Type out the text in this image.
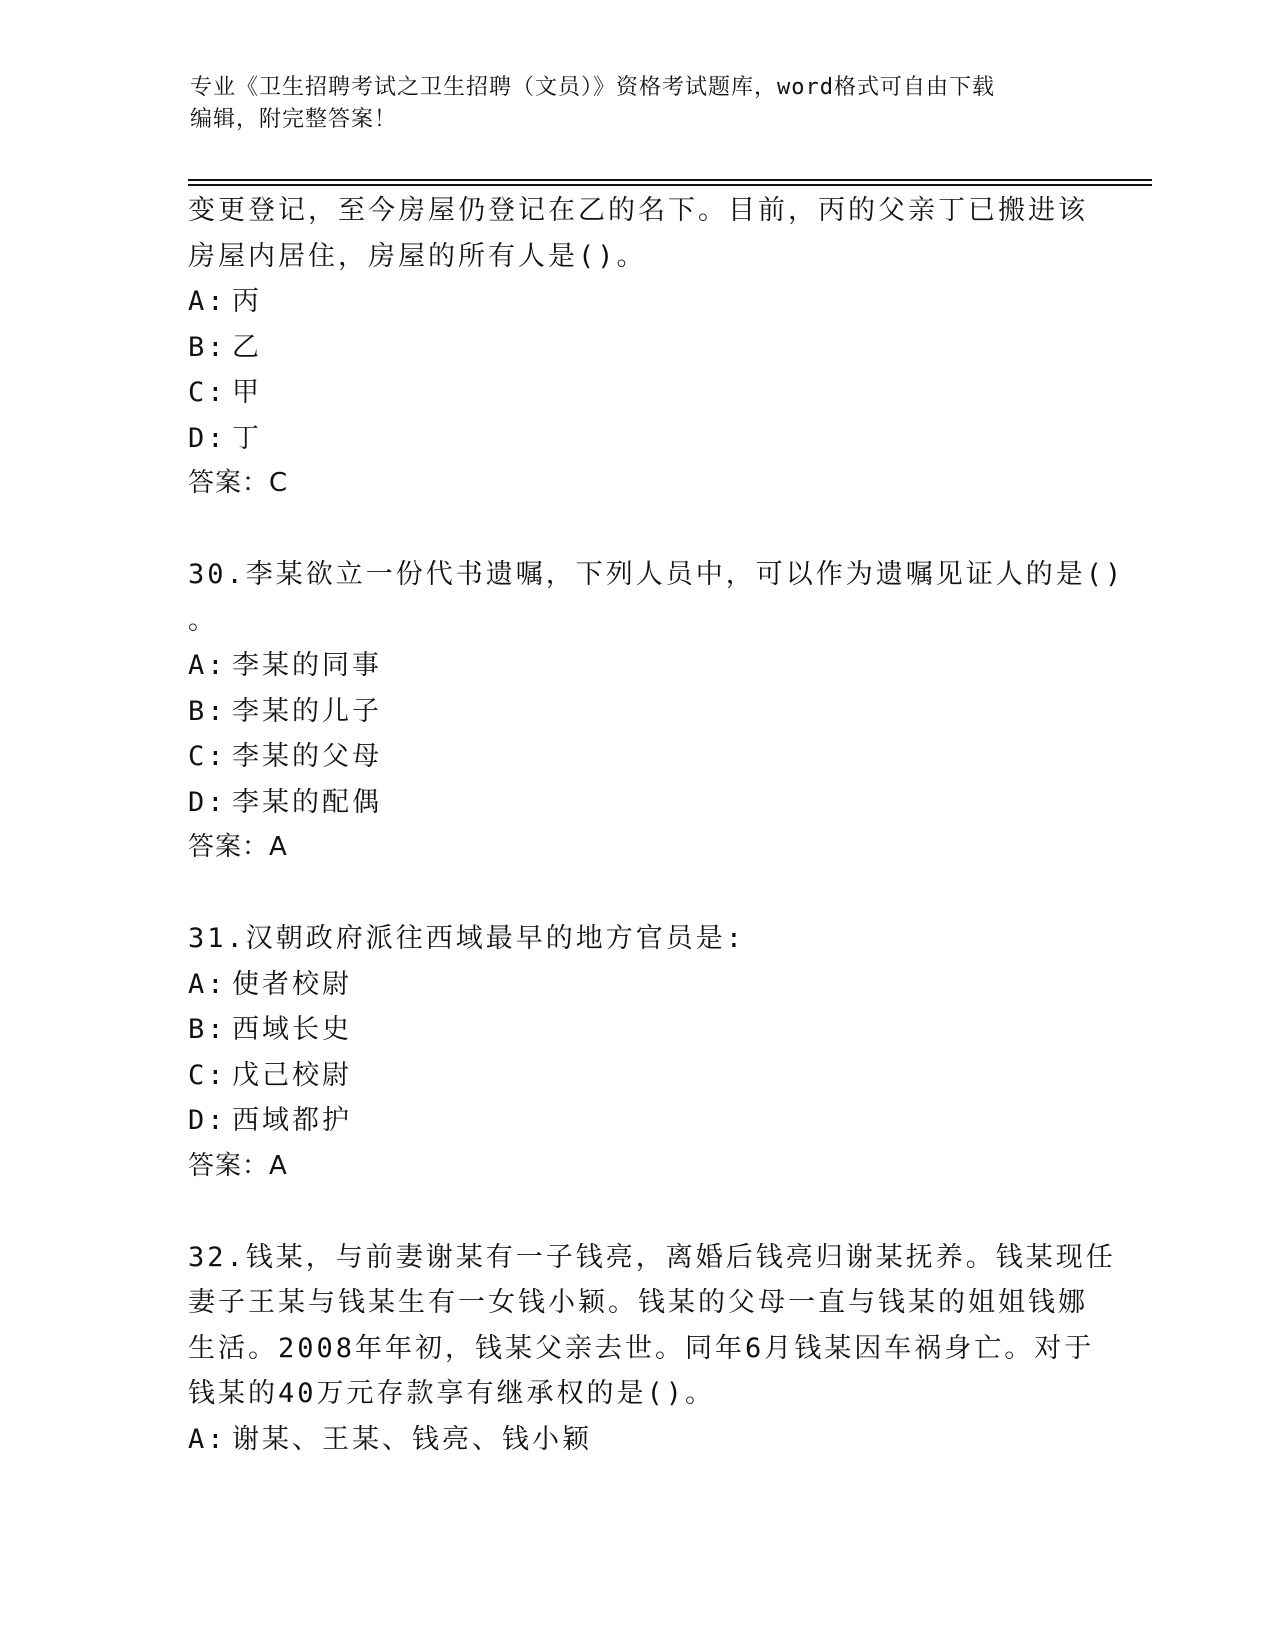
专业《卫生招聘考试之卫生招聘（文员）》资格考试题库，word格式可自由下载
编辑，附完整答案！
变更登记，至今房屋仍登记在乙的名下。目前，丙的父亲丁已搬进该
房屋内居住，房屋的所有人是()。
A: 丙
B: 乙
C: 甲
D: 丁
答案：C
30.李某欲立一份代书遗嘱，下列人员中，可以作为遗嘱见证人的是()
。
A: 李某的同事
B: 李某的儿子
C: 李某的父母
D: 李某的配偶
答案：A
31.汉朝政府派往西域最早的地方官员是:
A: 使者校尉
B: 西域长史
C: 戊己校尉
D: 西域都护
答案：A
32.钱某，与前妻谢某有一子钱亮，离婚后钱亮归谢某抚养。钱某现任
妻子王某与钱某生有一女钱小颖。钱某的父母一直与钱某的姐姐钱娜
生活。2008年年初，钱某父亲去世。同年6月钱某因车祸身亡。对于
钱某的40万元存款享有继承权的是()。
A: 谢某、王某、钱亮、钱小颖
